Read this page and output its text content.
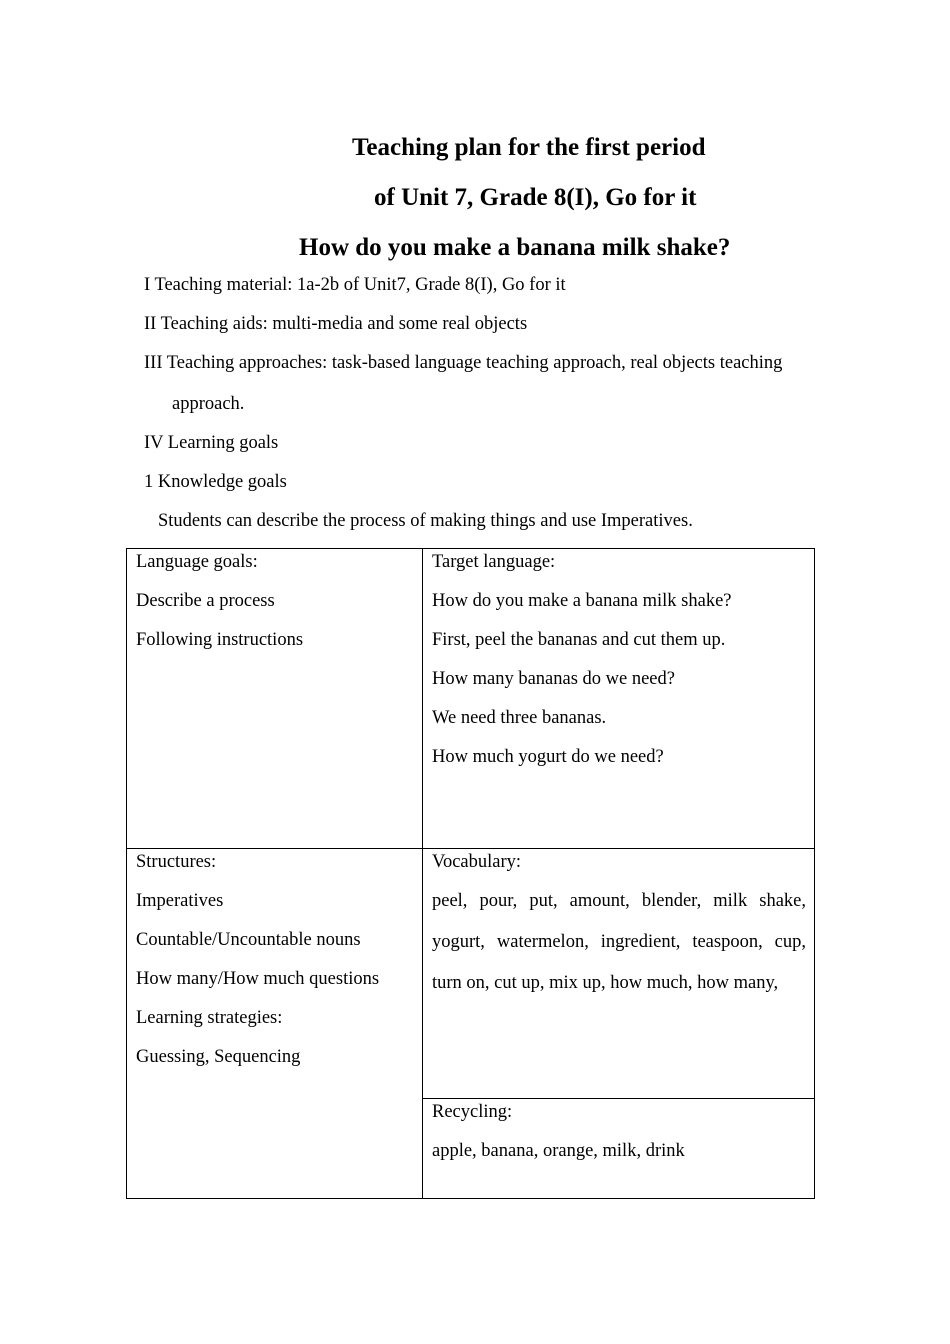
Teaching plan for the first period
of Unit 7, Grade 8(I), Go for it
How do you make a banana milk shake?
I Teaching material: 1a-2b of Unit7, Grade 8(I), Go for it
II Teaching aids: multi-media and some real objects
III Teaching approaches: task-based language teaching approach, real objects teaching
approach.
IV Learning goals
1 Knowledge goals
Students can describe the process of making things and use Imperatives.

Language goals:

Describe a process

Following instructions

Target language:

How do you make a banana milk shake?

First, peel the bananas and cut them up.

How many bananas do we need?

We need three bananas.

How much yogurt do we need?

Structures:

Imperatives

Countable/Uncountable nouns

How many/How much questions

Learning strategies:

Guessing, Sequencing

Vocabulary:

peel, pour, put, amount, blender, milk shake,
yogurt, watermelon, ingredient, teaspoon, cup,
turn on, cut up, mix up, how much, how many,

Recycling:

apple, banana, orange, milk, drink
